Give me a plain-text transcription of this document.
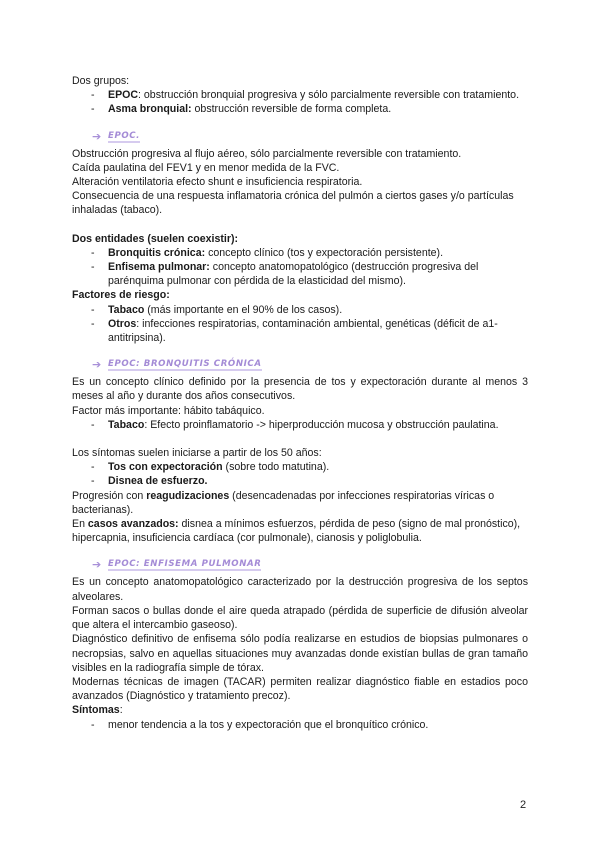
Dos grupos:

- EPOC: obstrucción bronquial progresiva y sólo parcialmente reversible con tratamiento.
- Asma bronquial: obstrucción reversible de forma completa.
➔ EPOC.

Obstrucción progresiva al flujo aéreo, sólo parcialmente reversible con tratamiento.

Caída paulatina del FEV1 y en menor medida de la FVC.

Alteración ventilatoria efecto shunt e insuficiencia respiratoria.

Consecuencia de una respuesta inflamatoria crónica del pulmón a ciertos gases y/o partículas inhaladas (tabaco).

Dos entidades (suelen coexistir):

- Bronquitis crónica: concepto clínico (tos y expectoración persistente).
- Enfisema pulmonar: concepto anatomopatológico (destrucción progresiva del parénquima pulmonar con pérdida de la elasticidad del mismo).

Factores de riesgo:

- Tabaco (más importante en el 90% de los casos).
- Otros: infecciones respiratorias, contaminación ambiental, genéticas (déficit de a1-antitripsina).
➔ EPOC: BRONQUITIS CRÓNICA

Es un concepto clínico definido por la presencia de tos y expectoración durante al menos 3 meses al año y durante dos años consecutivos.

Factor más importante: hábito tabáquico.

- Tabaco: Efecto proinflamatorio -> hiperproducción mucosa y obstrucción paulatina.

Los síntomas suelen iniciarse a partir de los 50 años:

- Tos con expectoración (sobre todo matutina).
- Disnea de esfuerzo.

Progresión con reagudizaciones (desencadenadas por infecciones respiratorias víricas o bacterianas).

En casos avanzados: disnea a mínimos esfuerzos, pérdida de peso (signo de mal pronóstico), hipercapnia, insuficiencia cardíaca (cor pulmonale), cianosis y poliglobulia.

➔ EPOC: ENFISEMA PULMONAR

Es un concepto anatomopatológico caracterizado por la destrucción progresiva de los septos alveolares.

Forman sacos o bullas donde el aire queda atrapado (pérdida de superficie de difusión alveolar que altera el intercambio gaseoso).

Diagnóstico definitivo de enfisema sólo podía realizarse en estudios de biopsias pulmonares o necropsias, salvo en aquellas situaciones muy avanzadas donde existían bullas de gran tamaño visibles en la radiografía simple de tórax.

Modernas técnicas de imagen (TACAR) permiten realizar diagnóstico fiable en estadios poco avanzados (Diagnóstico y tratamiento precoz).

Síntomas:

- menor tendencia a la tos y expectoración que el bronquítico crónico.
2
